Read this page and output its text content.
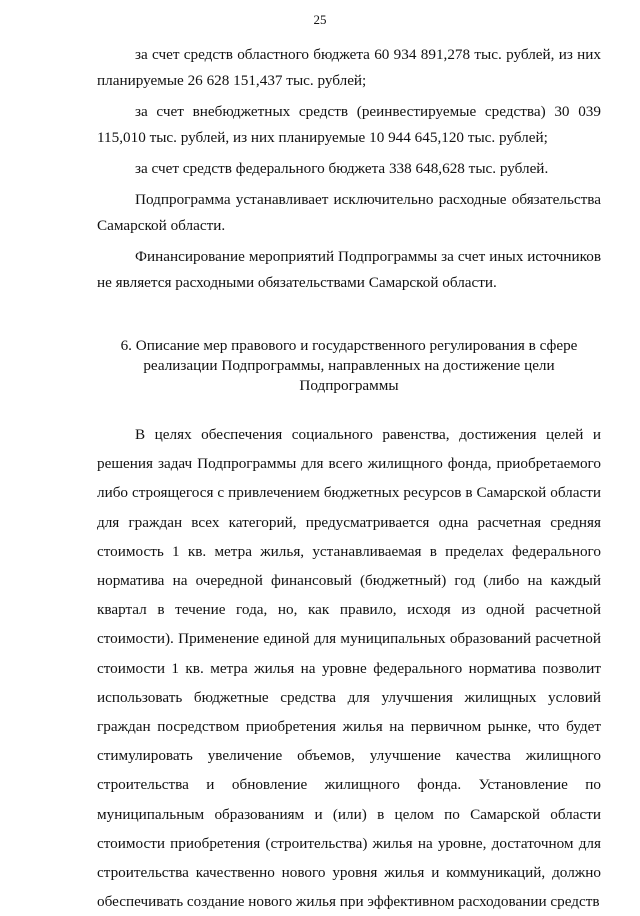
25

за счет средств областного бюджета 60 934 891,278 тыс. рублей, из них планируемые 26 628 151,437 тыс. рублей;

за счет внебюджетных средств (реинвестируемые средства) 30 039 115,010 тыс. рублей, из них планируемые 10 944 645,120 тыс. рублей;

за счет средств федерального бюджета 338 648,628 тыс. рублей.

Подпрограмма устанавливает исключительно расходные обязательства Самарской области.

Финансирование мероприятий Подпрограммы за счет иных источников не является расходными обязательствами Самарской области.

6. Описание мер правового и государственного регулирования в сфере
реализации Подпрограммы, направленных на достижение цели
Подпрограммы

В целях обеспечения социального равенства, достижения целей и решения задач Подпрограммы для всего жилищного фонда, приобретаемого либо строящегося с привлечением бюджетных ресурсов в Самарской области для граждан всех категорий, предусматривается одна расчетная средняя стоимость 1 кв. метра жилья, устанавливаемая в пределах федерального норматива на очередной финансовый (бюджетный) год (либо на каждый квартал в течение года, но, как правило, исходя из одной расчетной стоимости). Применение единой для муниципальных образований расчетной стоимости 1 кв. метра жилья на уровне федерального норматива позволит использовать бюджетные средства для улучшения жилищных условий граждан посредством приобретения жилья на первичном рынке, что будет стимулировать увеличение объемов, улучшение качества жилищного строительства и обновление жилищного фонда. Установление по муниципальным образованиям и (или) в целом по Самарской области стоимости приобретения (строительства) жилья на уровне, достаточном для строительства качественно нового уровня жилья и коммуникаций, должно обеспечивать создание нового жилья при эффективном расходовании средств
